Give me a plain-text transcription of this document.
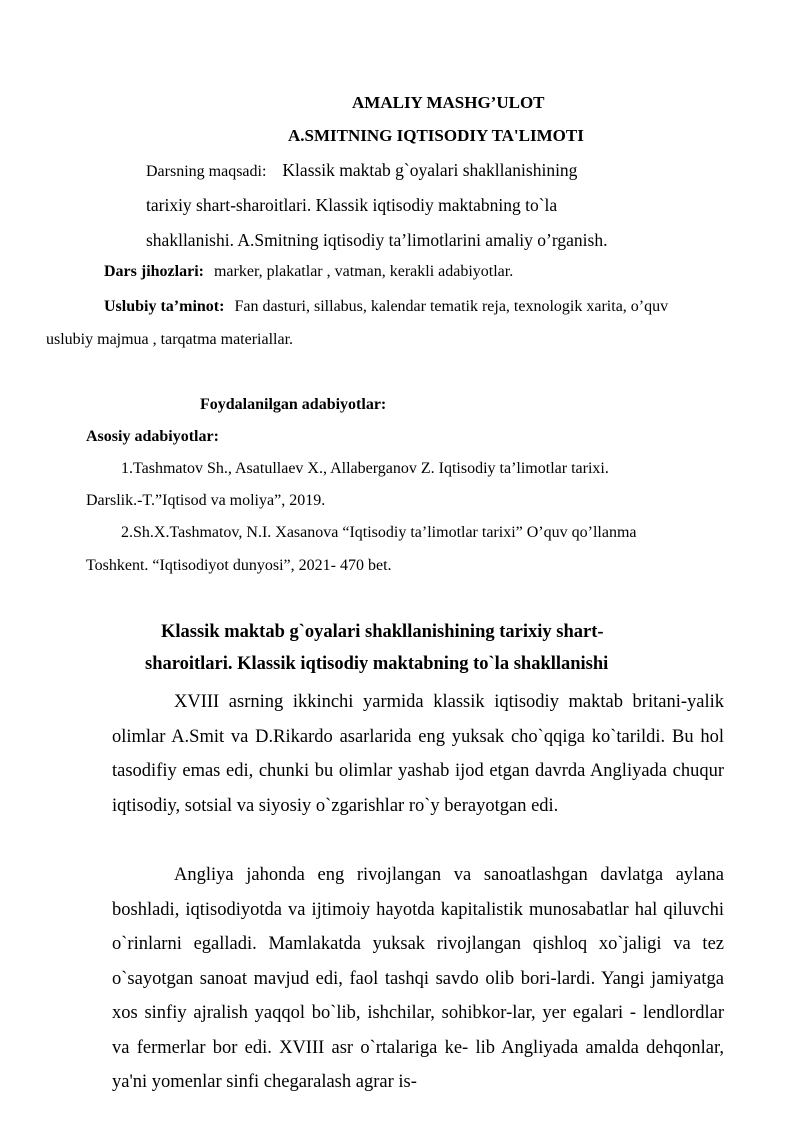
AMALIY MASHG’ULOT
A.SMITNING IQTISODIY TA'LIMOTI
Darsning maqsadi: Klassik maktab g`oyalari shakllanishining
tarixiy shart-sharoitlari. Klassik iqtisodiy maktabning to`la
shakllanishi. A.Smitning iqtisodiy ta’limotlarini amaliy o’rganish.
Dars jihozlari: marker, plakatlar , vatman, kerakli adabiyotlar.
Uslubiy ta’minot: Fan dasturi, sillabus, kalendar tematik reja, texnologik xarita, o’quv
uslubiy majmua , tarqatma materiallar.
Foydalanilgan adabiyotlar:
Asosiy adabiyotlar:
1.Tashmatov Sh., Asatullaev X., Allaberganov Z. Iqtisodiy ta’limotlar tarixi.
Darslik.-T.”Iqtisod va moliya”, 2019.
2.Sh.X.Tashmatov, N.I. Xasanova “Iqtisodiy ta’limotlar tarixi” O’quv qo’llanma
Toshkent. “Iqtisodiyot dunyosi”, 2021- 470 bet.
Klassik maktab g`oyalari shakllanishining tarixiy shart-
sharoitlari. Klassik iqtisodiy maktabning to`la shakllanishi

XVIII asrning ikkinchi yarmida klassik iqtisodiy maktab britani-yalik olimlar A.Smit va D.Rikardo asarlarida eng yuksak cho`qqiga ko`tarildi. Bu hol tasodifiy emas edi, chunki bu olimlar yashab ijod etgan davrda Angliyada chuqur iqtisodiy, sotsial va siyosiy o`zgarishlar ro`y berayotgan edi.

Angliya jahonda eng rivojlangan va sanoatlashgan davlatga aylana boshladi, iqtisodiyotda va ijtimoiy hayotda kapitalistik munosabatlar hal qiluvchi o`rinlarni egalladi. Mamlakatda yuksak rivojlangan qishloq xo`jaligi va tez o`sayotgan sanoat mavjud edi, faol tashqi savdo olib bori-lardi. Yangi jamiyatga xos sinfiy ajralish yaqqol bo`lib, ishchilar, sohibkor-lar, yer egalari - lendlordlar va fermerlar bor edi. XVIII asr o`rtalariga ke- lib Angliyada amalda dehqonlar, ya'ni yomenlar sinfi chegaralash agrar is-
